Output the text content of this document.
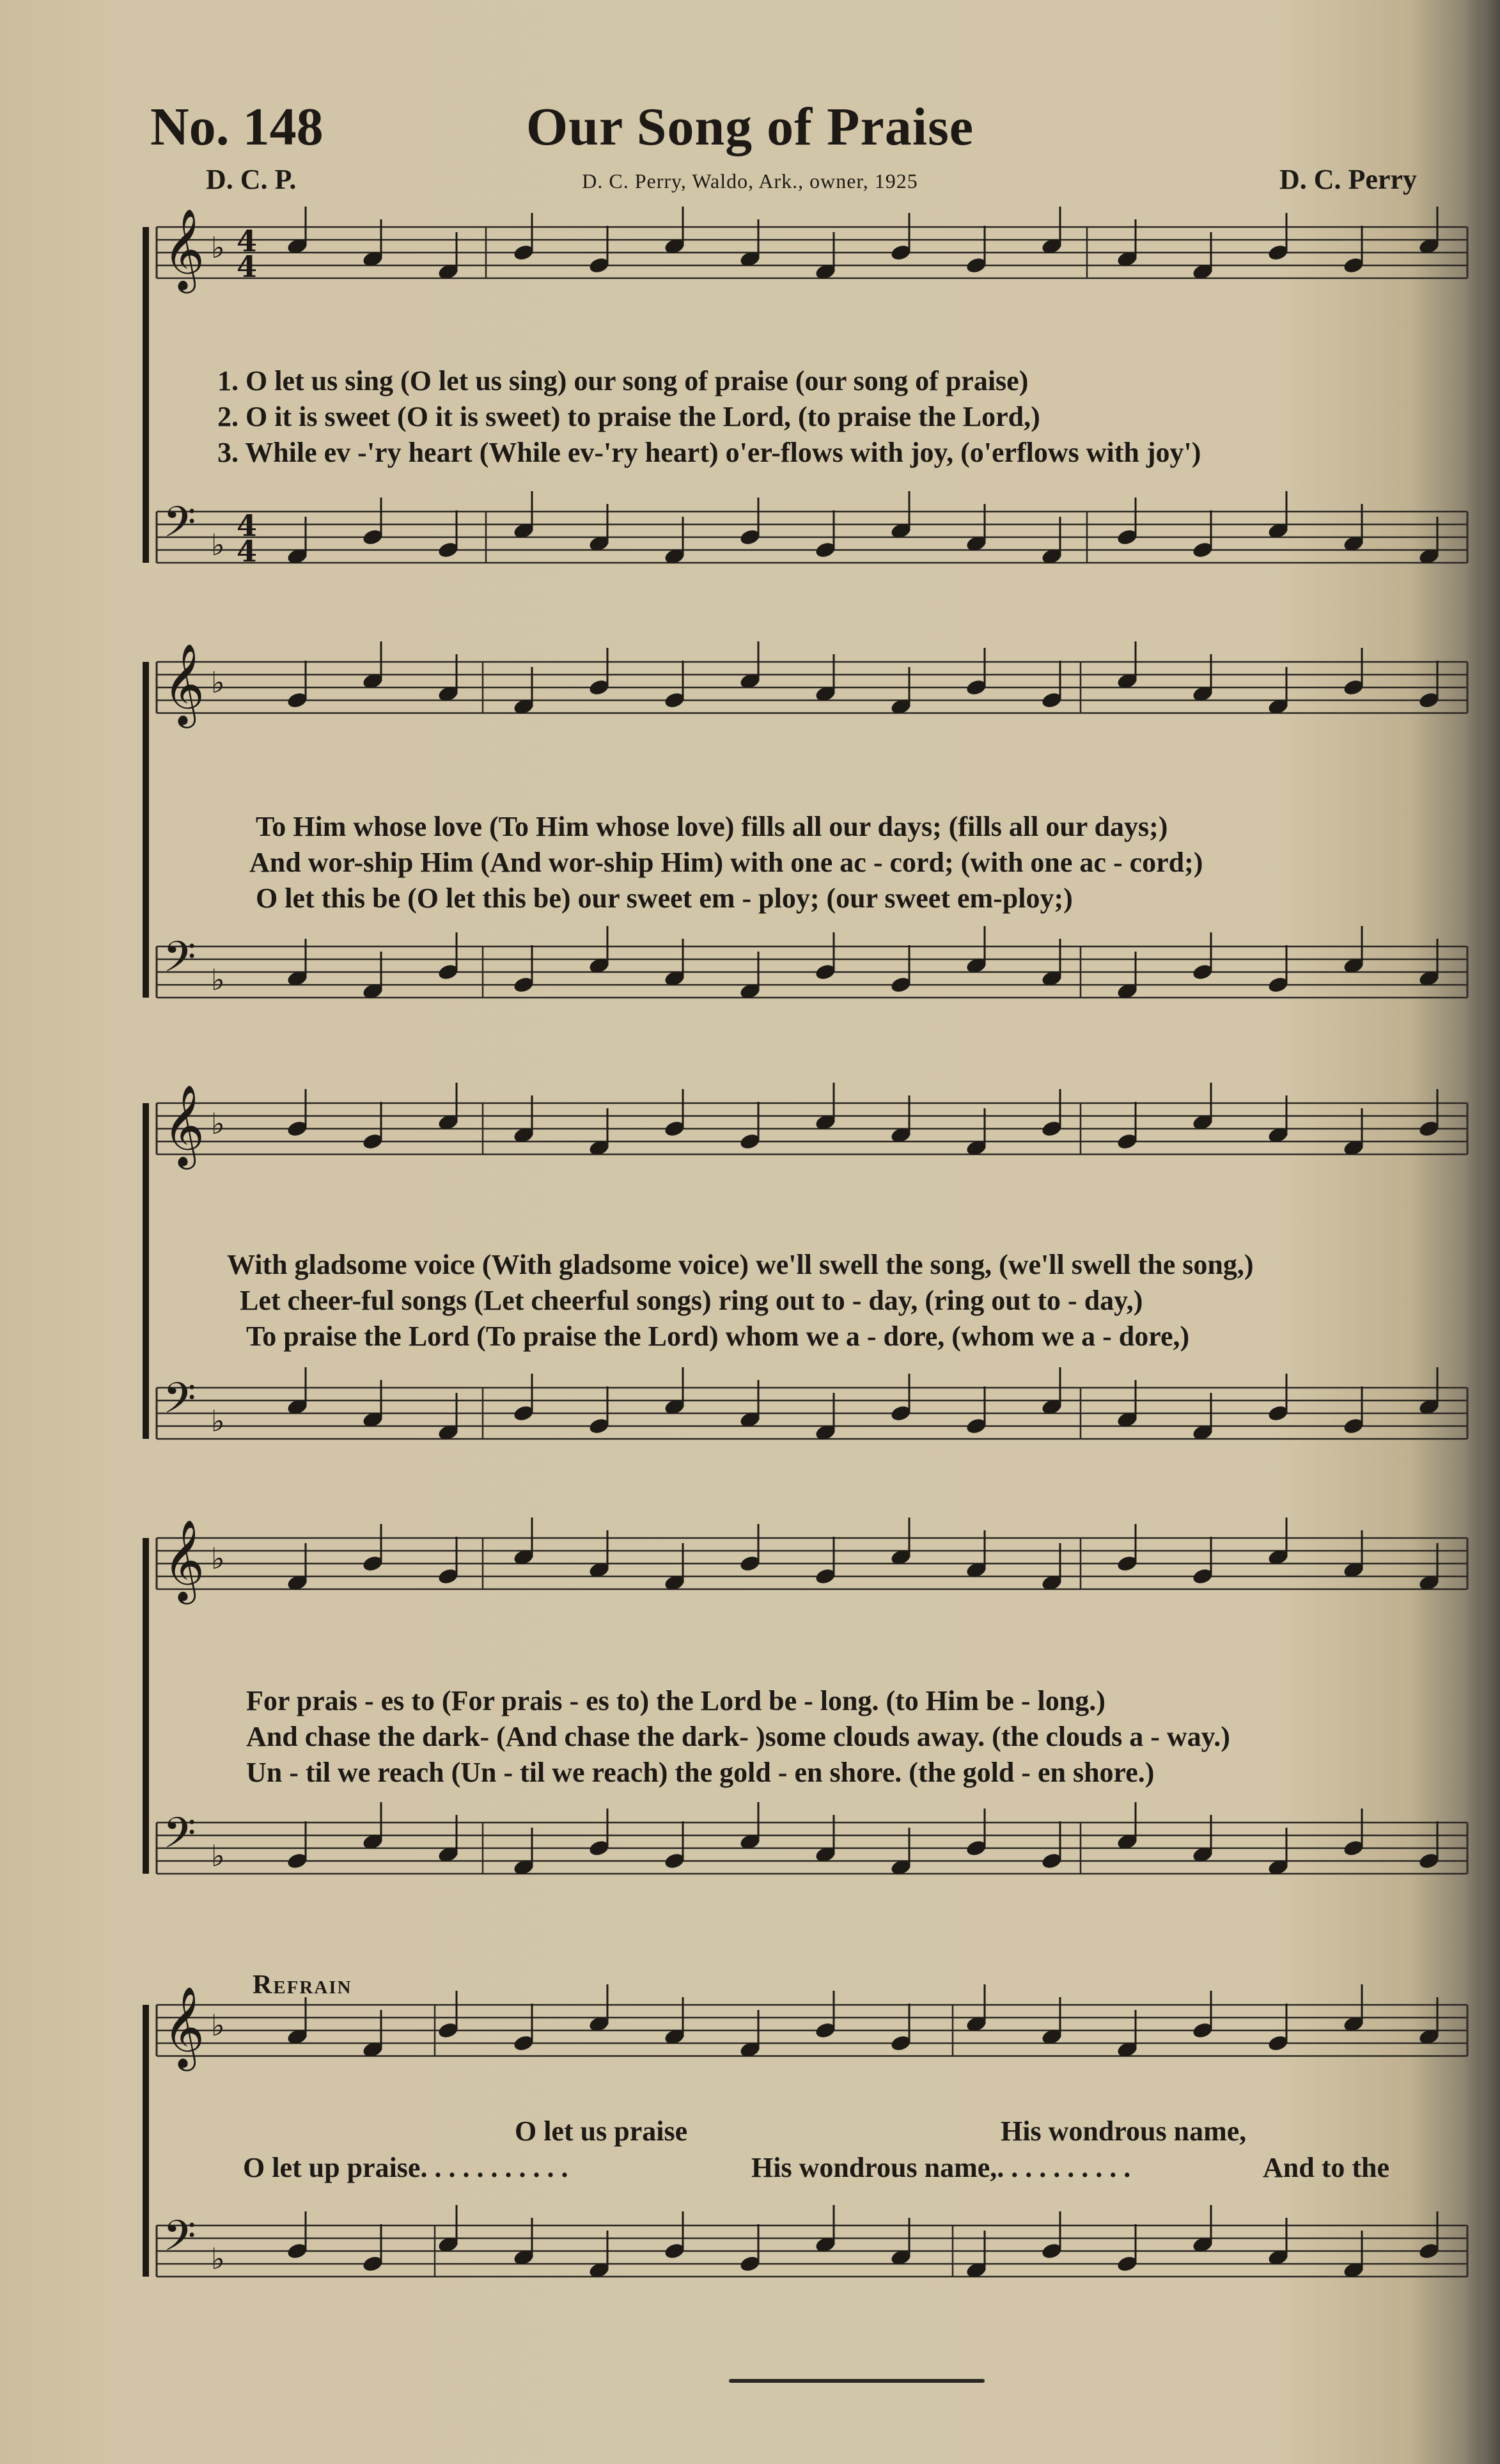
No. 148	Our Song of Praise
D. C. P.	D. C. Perry, Waldo, Ark., owner, 1925	D. C. Perry
𝄞 ♭ 4
4
𝄢 ♭
4
4
𝄞 ♭
𝄢 ♭
𝄞 ♭
𝄢 ♭
𝄞 ♭
𝄢 ♭
𝄞 ♭
𝄢 ♭
1. O let us sing (O let us sing) our song of praise (our song of praise)
2. O it is sweet (O it is sweet) to praise the Lord, (to praise the Lord,)
3. While ev -'ry heart (While ev-'ry heart) o'er-flows with joy, (o'erflows with joy')
To Him whose love (To Him whose love) fills all our days; (fills all our days;)
And wor-ship Him (And wor-ship Him) with one ac - cord; (with one ac - cord;)
O let this be (O let this be) our sweet em - ploy; (our sweet em-ploy;)
With gladsome voice (With gladsome voice) we'll swell the song, (we'll swell the song,)
Let cheer-ful songs (Let cheerful songs) ring out to - day, (ring out to - day,)
To praise the Lord (To praise the Lord) whom we a - dore, (whom we a - dore,)
For prais - es to (For prais - es to) the Lord be - long. (to Him be - long.)
And chase the dark- (And chase the dark- )some clouds away. (the clouds a - way.)
Un - til we reach (Un - til we reach) the gold - en shore. (the gold - en shore.)
Refrain
O let us praise	His wondrous name,
O let up praise. . . . . . . . . . .	His wondrous name,. . . . . . . . . .	And to the
